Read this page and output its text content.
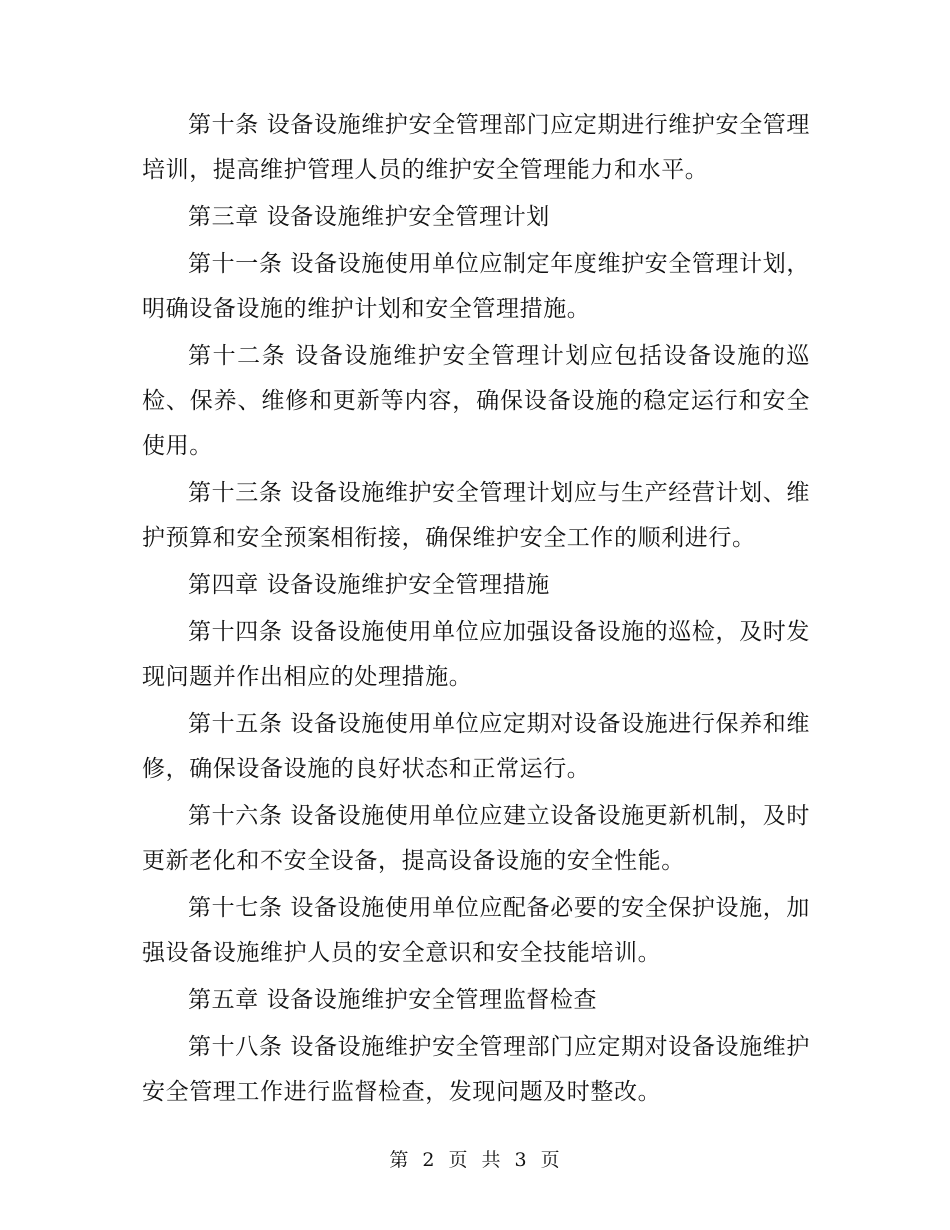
第十条 设备设施维护安全管理部门应定期进行维护安全管理培训，提高维护管理人员的维护安全管理能力和水平。

第三章 设备设施维护安全管理计划

第十一条 设备设施使用单位应制定年度维护安全管理计划，明确设备设施的维护计划和安全管理措施。

第十二条 设备设施维护安全管理计划应包括设备设施的巡检、保养、维修和更新等内容，确保设备设施的稳定运行和安全使用。

第十三条 设备设施维护安全管理计划应与生产经营计划、维护预算和安全预案相衔接，确保维护安全工作的顺利进行。

第四章 设备设施维护安全管理措施

第十四条 设备设施使用单位应加强设备设施的巡检，及时发现问题并作出相应的处理措施。

第十五条 设备设施使用单位应定期对设备设施进行保养和维修，确保设备设施的良好状态和正常运行。

第十六条 设备设施使用单位应建立设备设施更新机制，及时更新老化和不安全设备，提高设备设施的安全性能。

第十七条 设备设施使用单位应配备必要的安全保护设施，加强设备设施维护人员的安全意识和安全技能培训。

第五章 设备设施维护安全管理监督检查

第十八条 设备设施维护安全管理部门应定期对设备设施维护安全管理工作进行监督检查，发现问题及时整改。

第 2 页 共 3 页
